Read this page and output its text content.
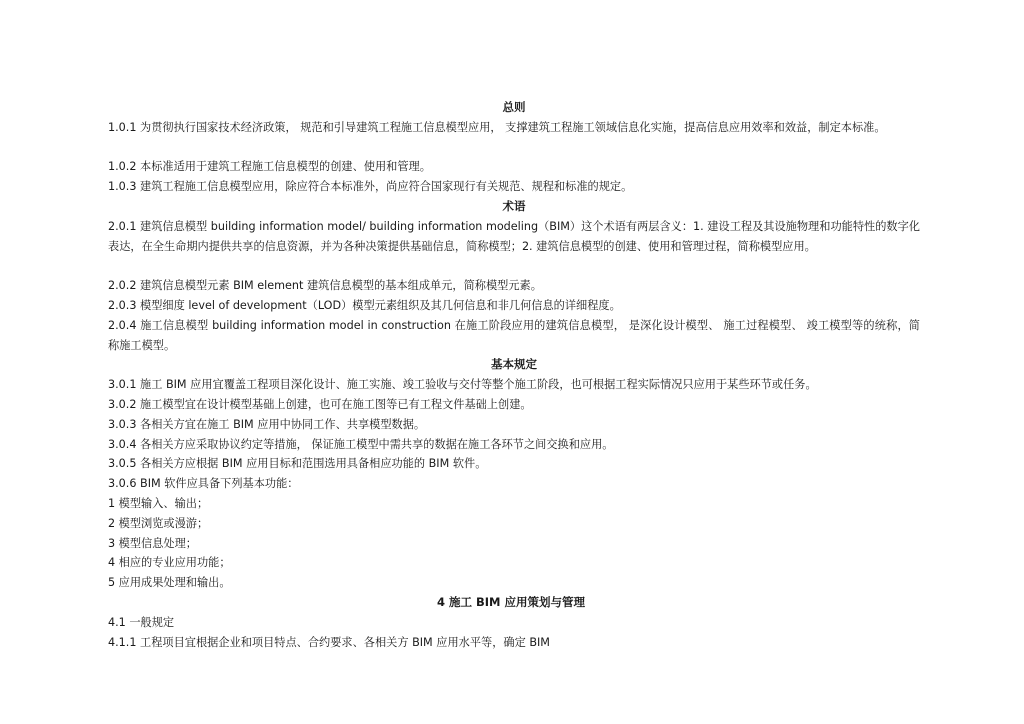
总则
1.0.1 为贯彻执行国家技术经济政策， 规范和引导建筑工程施工信息模型应用， 支撑建筑工程施工领域信息化实施，提高信息应用效率和效益，制定本标准。
1.0.2 本标准适用于建筑工程施工信息模型的创建、使用和管理。
1.0.3 建筑工程施工信息模型应用，除应符合本标准外，尚应符合国家现行有关规范、规程和标准的规定。
术语
2.0.1 建筑信息模型 building information model/ building information modeling（BIM）这个术语有两层含义：1. 建设工程及其设施物理和功能特性的数字化表达，在全生命期内提供共享的信息资源，并为各种决策提供基础信息，简称模型；2. 建筑信息模型的创建、使用和管理过程，简称模型应用。
2.0.2 建筑信息模型元素 BIM element 建筑信息模型的基本组成单元，简称模型元素。
2.0.3 模型细度 level of development（LOD）模型元素组织及其几何信息和非几何信息的详细程度。
2.0.4 施工信息模型 building information model in construction 在施工阶段应用的建筑信息模型， 是深化设计模型、 施工过程模型、 竣工模型等的统称，简称施工模型。
基本规定
3.0.1 施工 BIM 应用宜覆盖工程项目深化设计、施工实施、竣工验收与交付等整个施工阶段，也可根据工程实际情况只应用于某些环节或任务。
3.0.2 施工模型宜在设计模型基础上创建，也可在施工图等已有工程文件基础上创建。
3.0.3 各相关方宜在施工 BIM 应用中协同工作、共享模型数据。
3.0.4 各相关方应采取协议约定等措施， 保证施工模型中需共享的数据在施工各环节之间交换和应用。
3.0.5 各相关方应根据 BIM 应用目标和范围选用具备相应功能的 BIM 软件。
3.0.6 BIM 软件应具备下列基本功能：
1 模型输入、输出；
2 模型浏览或漫游；
3 模型信息处理；
4 相应的专业应用功能；
5 应用成果处理和输出。
4 施工 BIM 应用策划与管理
4.1 一般规定
4.1.1 工程项目宜根据企业和项目特点、合约要求、各相关方 BIM 应用水平等，确定 BIM
